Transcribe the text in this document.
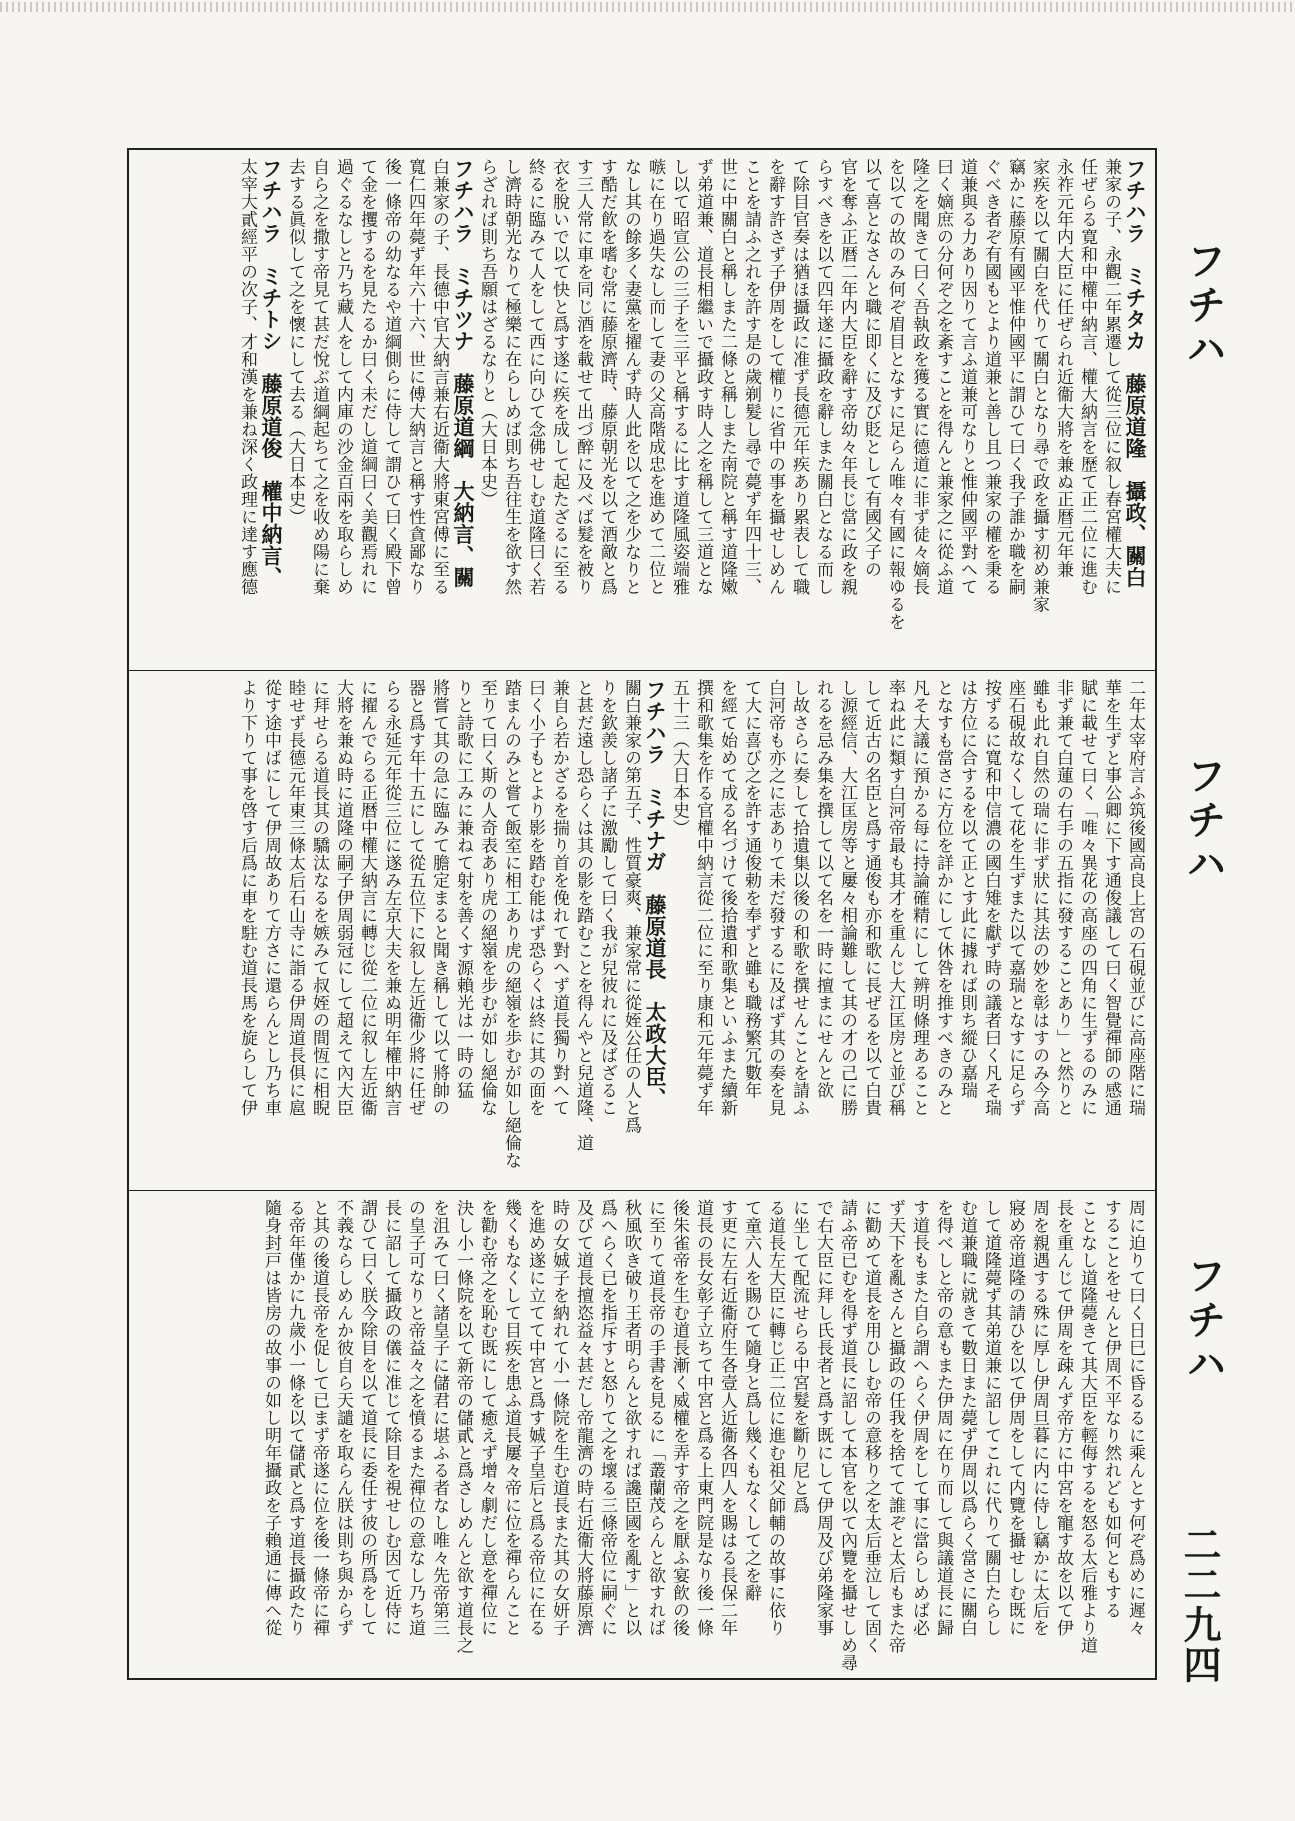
フチハ
フチハ
フチハ
二二九四
フチハラ　ミチタカ　藤原道隆　攝政、關白
兼家の子、永觀二年累遷して從三位に叙し春宮權大夫に
任ぜらる寛和中權中納言、權大納言を歷て正二位に進む
永祚元年内大臣に任ぜられ近衞大將を兼ぬ正暦元年兼
家疾を以て關白を代りて關白となり尋で政を攝す初め兼家
竊かに藤原有國平惟仲國平に謂ひて曰く我子誰か職を嗣
ぐべき者ぞ有國もとより道兼と善し且つ兼家の權を秉る
道兼與る力あり因りて言ふ道兼可なりと惟仲國平對へて
曰く嫡庶の分何ぞ之を紊すことを得んと兼家之に從ふ道
隆之を聞きて曰く吾執政を獲る實に德道に非ず徒々嫡長
を以ての故のみ何ぞ眉目となすに足らん唯々有國に報ゆるを
以て喜となさんと職に即くに及び貶として有國父子の
官を奪ふ正暦二年内大臣を辭す帝幼々年長じ當に政を親
らすべきを以て四年遂に攝政を辭しまた關白となる而し
て除目官奏は猶ほ攝政に准ず長德元年疾あり累表して職
を辭す許さず子伊周をして權りに省中の事を攝せしめん
ことを請ふ之れを許す是の歲剃髮し尋で薨ず年四十三、
世に中關白と稱しまた二條と稱しまた南院と稱す道隆嫩
ず弟道兼、道長相繼いで攝政す時人之を稱して三道とな
し以て昭宣公の三子を三平と稱するに比す道隆風姿端雅
嗾に在り過失なし而して妻の父高階成忠を進めて二位と
なし其の餘多く妻黨を擢んず時人此を以て之を少なりと
す酷だ飮を嗜む常に藤原濟時、藤原朝光を以て酒敵と爲
す三人常に車を同じ酒を載せて出づ醉に及べば髮を被り
衣を脫いで以て快と爲す遂に疾を成して起たざるに至る
終るに臨みて人をして西に向ひて念佛せしむ道隆曰く若
し濟時朝光なりて極樂に在らしめば則ち吾往生を欲す然
らざれば則ち吾願はざるなりと（大日本史）
フチハラ　ミチツナ　藤原道綱　大納言、關
白兼家の子、長德中官大納言兼右近衞大將東宮傅に至る
寬仁四年薨ず年六十六、世に傅大納言と稱す性貪鄙なり
後一條帝の幼なるや道綱側らに侍して謂ひて曰く殿下曾
て金を攫するを見たるか曰く未だし道綱曰く美觀焉れに
過ぐるなしと乃ち藏人をして内庫の沙金百兩を取らしめ
自ら之を撒す帝見て甚だ悅ぶ道綱起ちて之を收め陽に棄
去する眞似して之を懷にして去る（大日本史）
フチハラ　ミチトシ　藤原道俊　權中納言、
太宰大貳經平の次子、才和漢を兼ね深く政理に達す應德
二年太宰府言ふ筑後國高良上宮の石硯並びに高座階に瑞
華を生ずと事公卿に下す通俊議して曰く智覺禪師の感通
賦に載せて曰く「唯々異花の高座の四角に生ずるのみに
非ず兼て白蓮の右手の五指に發することあり」と然りと
雖も此れ自然の瑞に非ず狀に其法の妙を彰はすのみ今高
座石硯故なくして花を生ずまた以て嘉瑞となすに足らず
按ずるに寬和中信濃の國白雉を獻ず時の議者曰く凡そ瑞
は方位に合するを以て正とす此に據れば則ち縱ひ嘉瑞
となすも當さに方位を詳かにして休咎を推すべきのみと
凡そ大議に預かる每に持論確精にして辨明條理あること
率ね此に類す白河帝最も其才を重んじ大江匡房と並び稱
して近古の名臣と爲す通俊も亦和歌に長ぜるを以て白貴
し源經信、大江匡房等と屢々相論難して其の才の己に勝
れるを忌み集を撰して以て名を一時に擅まにせんと欲
し故さらに奏して拾遺集以後の和歌を撰せんことを請ふ
白河帝も亦之に志ありて未だ發するに及ばず其の奏を見
て大に喜び之を許す通俊勅を奉ずと雖も職務繁冗數年
を經て始めて成る名づけて後拾遺和歌集といふまた續新
撰和歌集を作る官權中納言從二位に至り康和元年薨ず年
五十三（大日本史）
フチハラ　ミチナガ　藤原道長　太政大臣、
關白兼家の第五子、性質豪爽、兼家常に從姪公任の人と爲
りを欽羨し諸子に激勵して曰く我が兒彼れに及ばざるこ
と甚だ遠し恐らくは其の影を踏むことを得んやと兒道隆、道
兼自ら若かざるを揣り首を俛れて對へず道長獨り對へて
曰く小子もとより影を踏む能はず恐らくは終に其の面を
踏まんのみと嘗て飯室に相工あり虎の絕嶺を歩むが如し絕倫な
至りて曰く斯の人奇表あり虎の絕嶺を步むが如し絕倫な
りと詩歌に工みに兼ねて射を善くす源賴光は一時の猛
將嘗て其の急に臨みて膽定まると聞き稱して以て將帥の
器と爲す年十五にして從五位下に叙し左近衞少將に任ぜ
らる永延元年從三位に遂み左京大夫を兼ぬ明年權中納言
に擢んでらる正暦中權大納言に轉じ從二位に叙し左近衞
大將を兼ぬ時に道隆の嗣子伊周弱冠にして超えて內大臣
に拜せらる道長其の驕汰なるを嫉みて叔姪の間恆に相睨
睦せず長德元年東三條太后石山寺に詣る伊周道長俱に扈
從す途中ばにして伊周故ありて方さに還らんとし乃ち車
より下りて事を啓す后爲に車を駐む道長馬を旋らして伊
周に迫りて曰く日巳に昏るるに乘んとす何ぞ爲めに遲々
することをせんと伊周不平なり然れども如何ともする
ことなし道隆薨きて其大臣を輕侮するを怒る太后雅より道
長を重んじて伊周を疎んず帝方に中宮を寵す故を以て伊
周を親遇する殊に厚し伊周旦暮に内に侍し竊かに太后を
寢め帝道隆の請ひを以て伊周をして内覽を攝せしむ既に
して道隆薨ず其弟道兼に詔してこれに代りて關白たらし
む道兼職に就きて數日また薨ず伊周以爲らく當さに關白
を得べしと帝の意もまた伊周に在り而して與議道長に歸
す道長もまた自ら謂へらく伊周をして事に當らしめば必
ず天下を亂さんと攝政の任我を捨てて誰ぞと太后もまた帝
に勸めて道長を用ひしむ帝の意移り之を太后垂泣して固く
請ふ帝已むを得ず道長に詔して本官を以て內覽を攝せしめ尋
で右大臣に拜し氏長者と爲す既にして伊周及び弟隆家事
に坐して配流せらる中宮髮を斷り尼と爲
る道長左大臣に轉じ正二位に進む祖父師輔の故事に依り
て童六人を賜ひて隨身と爲し幾くもなくして之を辭
す更に左右近衞府生各壹人近衞各四人を賜はる長保二年
道長の長女彰子立ちて中宮と爲る上東門院是なり後一條
後朱雀帝を生む道長漸く威權を弄す帝之を厭ふ宴飮の後
に至りて道長帝の手書を見るに「叢蘭茂らんと欲すれば
秋風吹き破り王者明らんと欲すれば讒臣國を亂す」と以
爲へらく已を指斥すと怒りて之を壞る三條帝位に嗣ぐに
及びて道長擅恣益々甚だし帝龍濟の時右近衞大將藤原濟
時の女娍子を納れて小一條院を生む道長また其の女妍子
を進め遂に立てて中宮と爲す娍子皇后と爲る帝位に在る
幾くもなくして目疾を患ふ道長屢々帝に位を禪らんこと
を勸む帝之を恥む既にして癒えず增々劇だし意を禪位に
決し小一條院を以て新帝の儲貳と爲さしめんと欲す道長之
を沮みて曰く諸皇子に儲君に堪ふる者なし唯々先帝第三
の皇子可なりと帝益々之を憤るまた禪位の意なし乃ち道
長に詔して攝政の儀に准じて除目を視せしむ因て近侍に
謂ひて曰く朕今除目を以て道長に委任す彼の所爲をして
不義ならしめんか彼自ら天譴を取らん朕は則ち與からず
と其の後道長帝を促して已まず帝遂に位を後一條帝に禪
る帝年僅かに九歲小一條を以て儲貳と爲す道長攝政たり
隨身封戸は皆房の故事の如し明年攝政を子賴通に傳へ從
